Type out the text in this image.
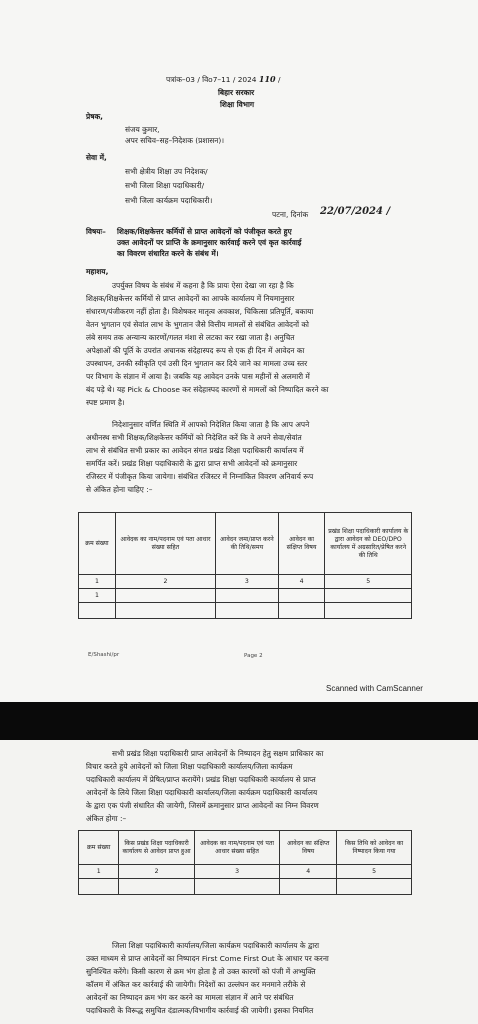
पत्रांक–03 / विo7–11 / 2024 110 /
बिहार सरकार
शिक्षा विभाग
प्रेषक,
संजय कुमार,
अपर सचिव–सह–निदेशक (प्रशासन)।
सेवा में,
सभी क्षेत्रीय शिक्षा उप निदेशक/
सभी जिला शिक्षा पदाधिकारी/
सभी जिला कार्यक्रम पदाधिकारी।
पटना, दिनांक 22/07/2024 /
विषयः– शिक्षक/शिक्षकेत्तर कर्मियों से प्राप्त आवेदनों को पंजीकृत करते हुए
उक्त आवेदनों पर प्राप्ति के क्रमानुसार कार्रवाई करने एवं कृत कार्रवाई
का विवरण संधारित करने के संबंध में।
महाशय,
उपर्युक्त विषय के संबंध में कहना है कि प्रायः ऐसा देखा जा रहा है कि
शिक्षक/शिक्षकेत्तर कर्मियों से प्राप्त आवेदनों का आपके कार्यालय में नियमानुसार
संधारण/पंजीकरण नहीं होता है। विशेषकर मातृत्व अवकाश, चिकित्सा प्रतिपूर्ति, बकाया
वेतन भुगतान एवं सेवांत लाभ के भुगतान जैसे वित्तीय मामलों से संबंधित आवेदनों को
लंबे समय तक अन्यान्य कारणों/गलत मंशा से लटका कर रखा जाता है। अनुचित
अपेक्षाओं की पूर्ति के उपरांत अचानक संदेहास्पद रूप से एक ही दिन में आवेदन का
उपस्थापन, उनकी स्वीकृति एवं उसी दिन भुगतान कर दिये जाने का मामला उच्च स्तर
पर विभाग के संज्ञान में आया है। जबकि यह आवेदन उनके पास महीनों से अलमारी में
बंद पड़े थे। यह Pick & Choose कर संदेहास्पद कारणों से मामलों को निष्पादित करने का
स्पष्ट प्रमाण है।
निदेशानुसार वर्णित स्थिति में आपको निदेशित किया जाता है कि आप अपने
अधीनस्थ सभी शिक्षक/शिक्षकेत्तर कर्मियों को निदेशित करें कि वे अपने सेवा/सेवांत
लाभ से संबंधित सभी प्रकार का आवेदन संगत प्रखंड शिक्षा पदाधिकारी कार्यालय में
समर्पित करें। प्रखंड शिक्षा पदाधिकारी के द्वारा प्राप्त सभी आवेदनों को क्रमानुसार
रजिस्टर में पंजीकृत किया जायेगा। संबंधित रजिस्टर में निम्नांकित विवरण अनिवार्य रूप
से अंकित होना चाहिए :–
क्रम संख्या	आवेदक का नाम/पदनाम एवं पता आधार संख्या सहित	आवेदन जमा/प्राप्त करने की तिथि/समय	आवेदन का संक्षिप्त विषय	प्रखंड शिक्षा पदाधिकारी कार्यालय के द्वारा आवेदन को DEO/DPO कार्यालय में अग्रसारित/प्रेषित करने की तिथि
1	2	3	4	5
1				

E/Shashi/pr	Page 2
Scanned with CamScanner
सभी प्रखंड शिक्षा पदाधिकारी प्राप्त आवेदनों के निष्पादन हेतु सक्षम प्राधिकार का
विचार करते हुये आवेदनों को जिला शिक्षा पदाधिकारी कार्यालय/जिला कार्यक्रम
पदाधिकारी कार्यालय में प्रेषित/प्राप्त करायेंगे। प्रखंड शिक्षा पदाधिकारी कार्यालय से प्राप्त
आवेदनों के लिये जिला शिक्षा पदाधिकारी कार्यालय/जिला कार्यक्रम पदाधिकारी कार्यालय
के द्वारा एक पंजी संधारित की जायेगी, जिसमें क्रमानुसार प्राप्त आवेदनों का निम्न विवरण
अंकित होगा :–
क्रम संख्या	किस प्रखंड शिक्षा पदाधिकारी कार्यालय से आवेदन प्राप्त हुआ	आवेदक का नाम/पदनाम एवं पता आधार संख्या सहित	आवेदन का संक्षिप्त विषय	किस तिथि को आवेदन का निष्पादन किया गया
1	2	3	4	5

जिला शिक्षा पदाधिकारी कार्यालय/जिला कार्यक्रम पदाधिकारी कार्यालय के द्वारा
उक्त माध्यम से प्राप्त आवेदनों का निष्पादन First Come First Out के आधार पर करना
सुनिश्चित करेंगे। किसी कारण से क्रम भंग होता है तो उक्त कारणों को पंजी में अभ्युक्ति
कॉलम में अंकित कर कार्रवाई की जायेगी। निदेशों का उल्लंघन कर मनमाने तरीके से
आवेदनों का निष्पादन क्रम भंग कर करने का मामला संज्ञान में आने पर संबंधित
पदाधिकारी के विरूद्ध समुचित दंडात्मक/विभागीय कार्रवाई की जायेगी। इसका नियमित
